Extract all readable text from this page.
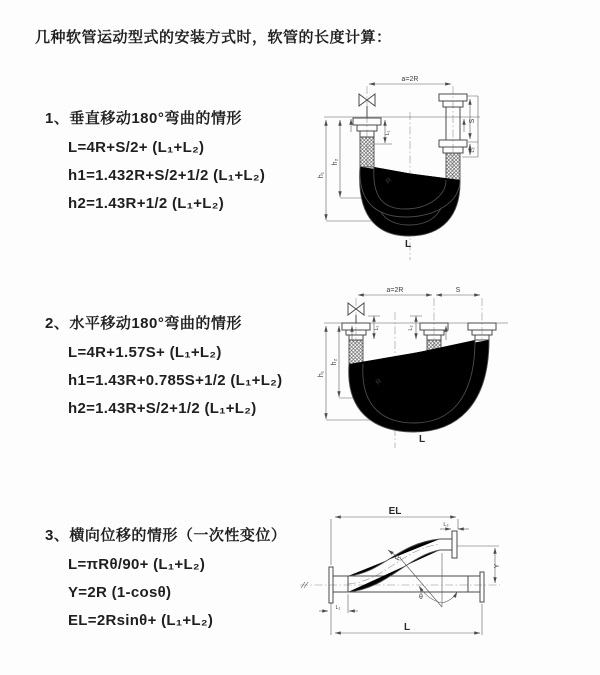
几种软管运动型式的安装方式时，软管的长度计算：
1、垂直移动180°弯曲的情形
L=4R+S/2+ (L₁+L₂)
h1=1.432R+S/2+1/2 (L₁+L₂)
h2=1.43R+1/2 (L₁+L₂)
2、水平移动180°弯曲的情形
L=4R+1.57S+ (L₁+L₂)
h1=1.43R+0.785S+1/2 (L₁+L₂)
h2=1.43R+S/2+1/2 (L₁+L₂)
3、横向位移的情形（一次性变位）
L=πRθ/90+ (L₁+L₂)
Y=2R (1-cosθ)
EL=2Rsinθ+ (L₁+L₂)
a=2R
S
L₁
L₂
h₁
h₂
R
L
a=2R	S
L₁	L₂
h₁
h₂
R
L
EL
L₂
Y
R
θ
L
L₁
